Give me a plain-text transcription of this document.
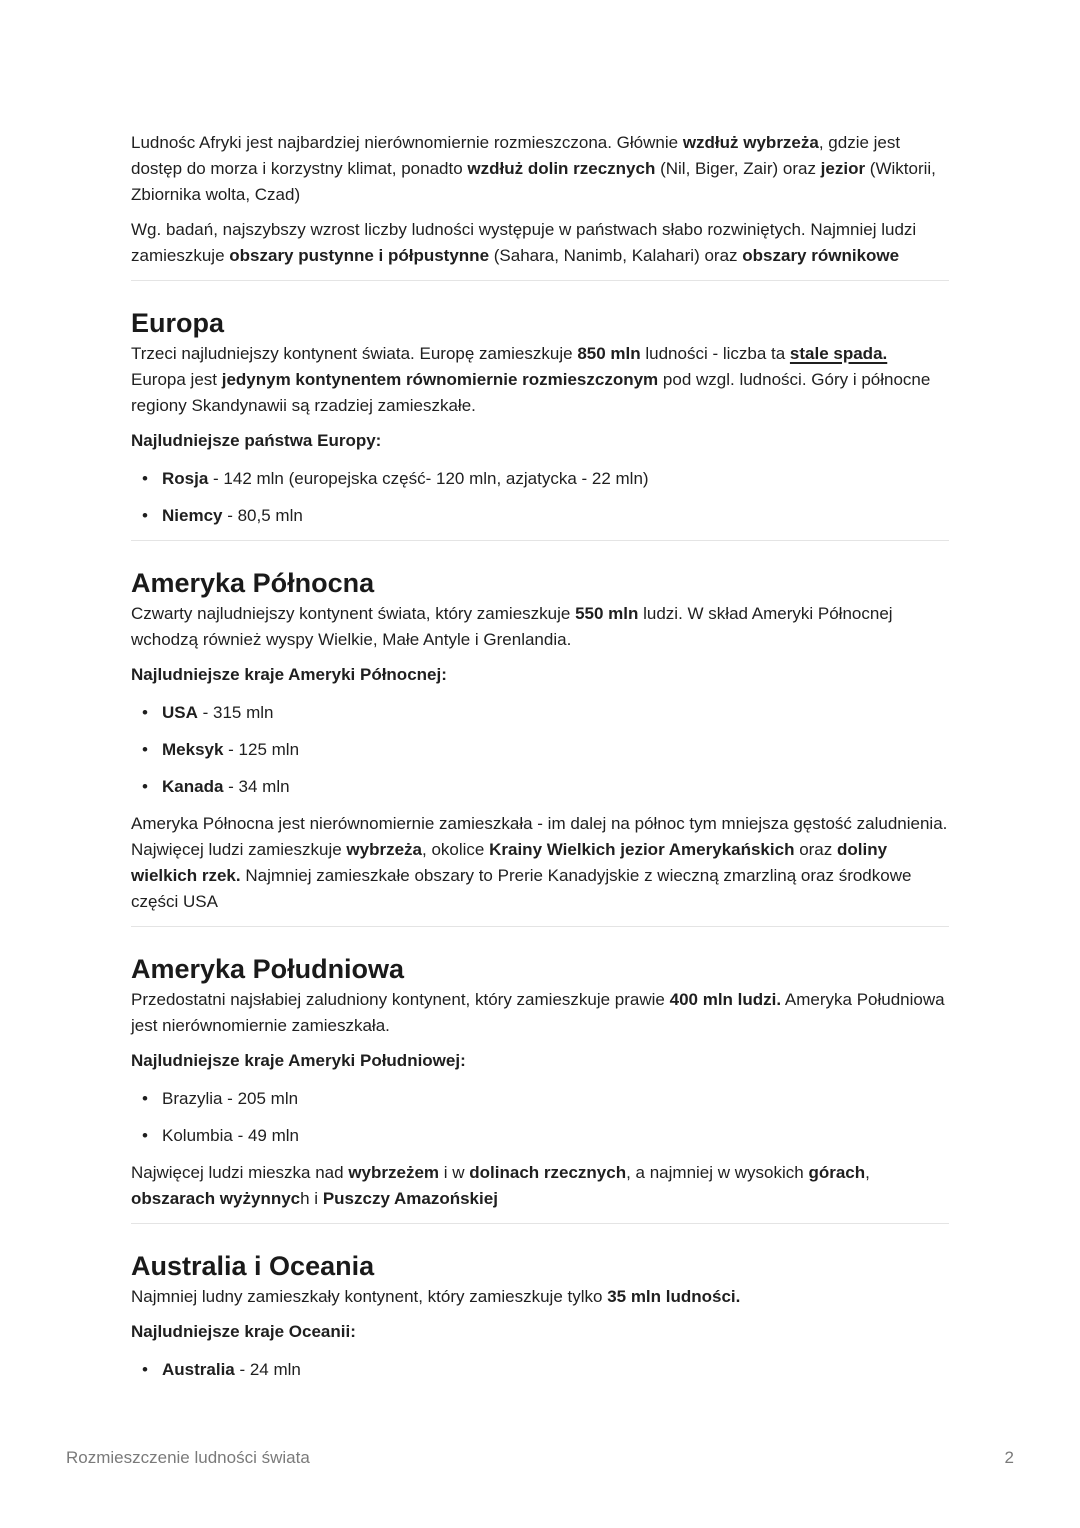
Ludnośc Afryki jest najbardziej nierównomiernie rozmieszczona. Głównie wzdłuż wybrzeża, gdzie jest dostęp do morza i korzystny klimat, ponadto wzdłuż dolin rzecznych (Nil, Biger, Zair) oraz jezior (Wiktorii, Zbiornika wolta, Czad)

Wg. badań, najszybszy wzrost liczby ludności występuje w państwach słabo rozwiniętych. Najmniej ludzi zamieszkuje obszary pustynne i półpustynne (Sahara, Nanimb, Kalahari) oraz obszary równikowe

Europa

Trzeci najludniejszy kontynent świata. Europę zamieszkuje 850 mln ludności - liczba ta stale spada.
Europa jest jedynym kontynentem równomiernie rozmieszczonym pod wzgl. ludności. Góry i północne regiony Skandynawii są rzadziej zamieszkałe.

Najludniejsze państwa Europy:

• Rosja - 142 mln (europejska część- 120 mln, azjatycka - 22 mln)
• Niemcy - 80,5 mln
Ameryka Północna

Czwarty najludniejszy kontynent świata, który zamieszkuje 550 mln ludzi. W skład Ameryki Północnej wchodzą również wyspy Wielkie, Małe Antyle i Grenlandia.

Najludniejsze kraje Ameryki Północnej:

• USA - 315 mln
• Meksyk - 125 mln
• Kanada - 34 mln

Ameryka Północna jest nierównomiernie zamieszkała - im dalej na północ tym mniejsza gęstość zaludnienia. Najwięcej ludzi zamieszkuje wybrzeża, okolice Krainy Wielkich jezior Amerykańskich oraz doliny wielkich rzek. Najmniej zamieszkałe obszary to Prerie Kanadyjskie z wieczną zmarzliną oraz środkowe części USA

Ameryka Południowa

Przedostatni najsłabiej zaludniony kontynent, który zamieszkuje prawie 400 mln ludzi. Ameryka Południowa jest nierównomiernie zamieszkała.

Najludniejsze kraje Ameryki Południowej:

• Brazylia - 205 mln
• Kolumbia - 49 mln

Najwięcej ludzi mieszka nad wybrzeżem i w dolinach rzecznych, a najmniej w wysokich górach,
obszarach wyżynnych i Puszczy Amazońskiej

Australia i Oceania

Najmniej ludny zamieszkały kontynent, który zamieszkuje tylko 35 mln ludności.

Najludniejsze kraje Oceanii:

• Australia - 24 mln
Rozmieszczenie ludności świata	2
